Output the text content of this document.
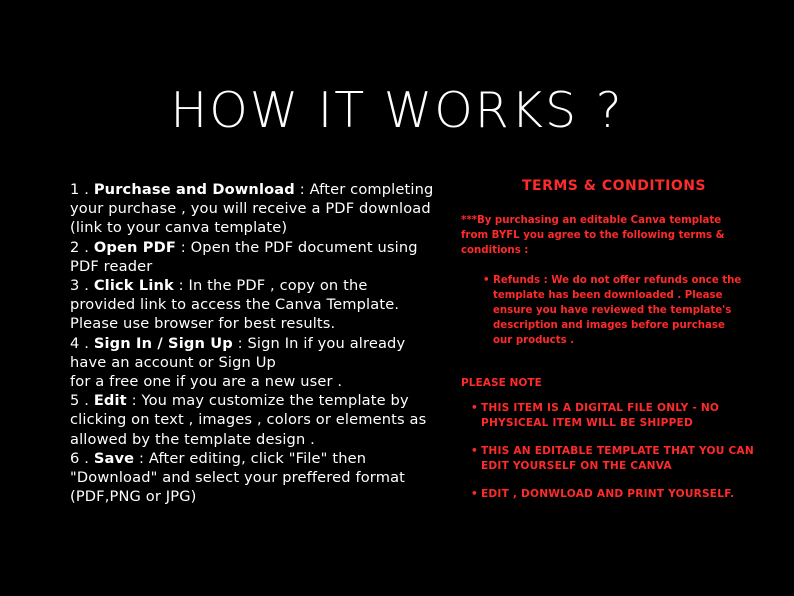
HOW IT WORKS ?
1 . Purchase and Download : After completing
your purchase , you will receive a PDF download
(link to your canva template)
2 . Open PDF : Open the PDF document using
PDF reader
3 . Click Link : In the PDF , copy on the
provided link to access the Canva Template.
Please use browser for best results.
4 . Sign In / Sign Up : Sign In if you already
have an account or Sign Up
for a free one if you are a new user .
5 . Edit : You may customize the template by
clicking on text , images , colors or elements as
allowed by the template design .
6 . Save : After editing, click "File" then
"Download" and select your preffered format
(PDF,PNG or JPG)
TERMS & CONDITIONS
***By purchasing an editable Canva template
from BYFL you agree to the following terms &
conditions :
• Refunds : We do not offer refunds once the
template has been downloaded . Please
ensure you have reviewed the template's
description and images before purchase
our products .
PLEASE NOTE
• THIS ITEM IS A DIGITAL FILE ONLY - NO
PHYSICEAL ITEM WILL BE SHIPPED
• THIS AN EDITABLE TEMPLATE THAT YOU CAN
EDIT YOURSELF ON THE CANVA
• EDIT , DONWLOAD AND PRINT YOURSELF.
